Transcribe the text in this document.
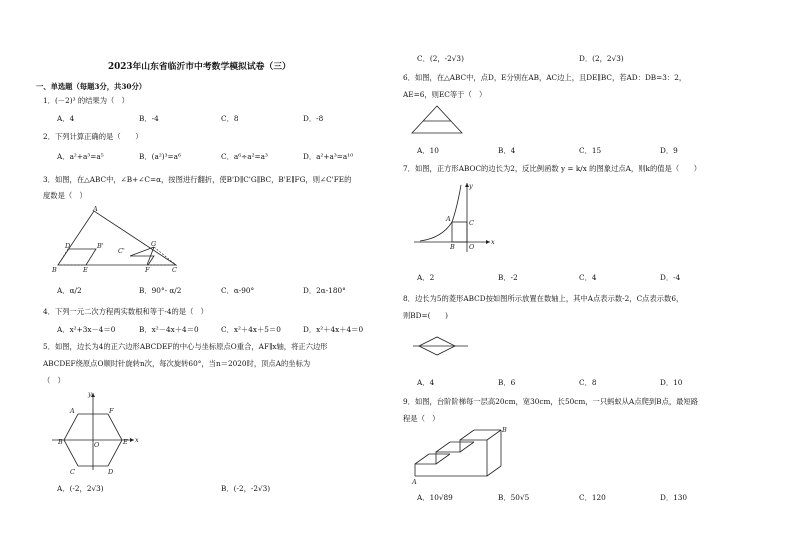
2023年山东省临沂市中考数学模拟试卷（三）
一、单选题（每题3分，共30分）
1．(－2)³ 的结果为（　）
A．4	B．-4	C．8	D．-8
2．下列计算正确的是（　　）
A．a²+a³=a⁵	B．(a²)³=a⁶	C．a⁶÷a²=a³	D．a²+a³=a¹⁰
3．如图，在△ABC中，∠B+∠C=α，按图进行翻折，使B'D∥C'G∥BC，B'E∥FG，则∠C'FE的
度数是（　）
A
B	C
D
E	F
G
B'
C'
A．α/2	B．90°- α/2	C．α-90°	D．2α-180°
4．下列一元二次方程两实数根和等于-4的是（　）
A．x²+3x－4＝0	B．x²－4x＋4＝0	C．x²＋4x＋5＝0	D．x²＋4x＋4＝0
5．如图，边长为4的正六边形ABCDEF的中心与坐标原点O重合，AF∥x轴，将正六边形
ABCDEF绕原点O顺时针旋转n次，每次旋转60°，当n＝2020时，顶点A的坐标为
（　）
x
y
A
B
C	D
E
F
O
A．(-2，2√3)	B．(-2，-2√3)
C．(2，-2√3)	D．(2，2√3)
6．如图，在△ABC中，点D，E分别在AB，AC边上，且DE∥BC，若AD：DB=3：2，
AE=6，则EC等于（　）
A．10	B．4	C．15	D．9
7．如图，正方形ABOC的边长为2，反比例函数 y = k/x 的图象过点A，则k的值是（　　）
x
y
A
B
C
O
A．2	B．-2	C．4	D．-4
8．边长为5的菱形ABCD按如图所示放置在数轴上，其中A点表示数-2，C点表示数6，
则BD=(　　)
A．4	B．6	C．8	D．10
9．如图，台阶阶梯每一层高20cm，宽30cm，长50cm，一只蚂蚁从A点爬到B点，最短路
程是（　）
A
B
A．10√89	B．50√5	C．120	D．130
